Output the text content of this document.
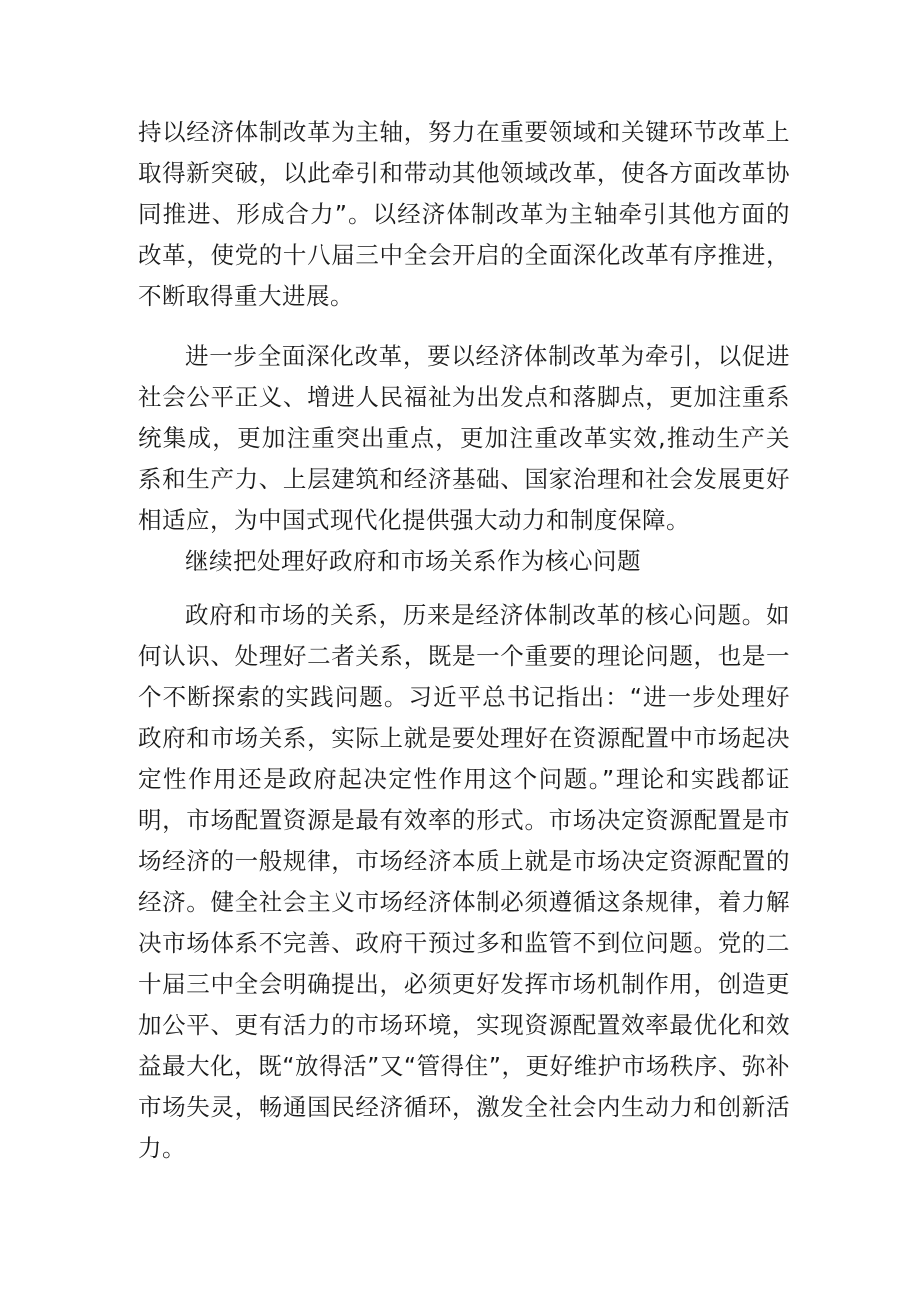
持以经济体制改革为主轴，努力在重要领域和关键环节改革上取得新突破，以此牵引和带动其他领域改革，使各方面改革协同推进、形成合力”。以经济体制改革为主轴牵引其他方面的改革，使党的十八届三中全会开启的全面深化改革有序推进，不断取得重大进展。

进一步全面深化改革，要以经济体制改革为牵引，以促进社会公平正义、增进人民福祉为出发点和落脚点，更加注重系统集成，更加注重突出重点，更加注重改革实效,推动生产关系和生产力、上层建筑和经济基础、国家治理和社会发展更好相适应，为中国式现代化提供强大动力和制度保障。

继续把处理好政府和市场关系作为核心问题

政府和市场的关系，历来是经济体制改革的核心问题。如何认识、处理好二者关系，既是一个重要的理论问题，也是一个不断探索的实践问题。习近平总书记指出：“进一步处理好政府和市场关系，实际上就是要处理好在资源配置中市场起决定性作用还是政府起决定性作用这个问题。”理论和实践都证明，市场配置资源是最有效率的形式。市场决定资源配置是市场经济的一般规律，市场经济本质上就是市场决定资源配置的经济。健全社会主义市场经济体制必须遵循这条规律，着力解决市场体系不完善、政府干预过多和监管不到位问题。党的二十届三中全会明确提出，必须更好发挥市场机制作用，创造更加公平、更有活力的市场环境，实现资源配置效率最优化和效益最大化，既“放得活”又“管得住”，更好维护市场秩序、弥补市场失灵，畅通国民经济循环，激发全社会内生动力和创新活力。
